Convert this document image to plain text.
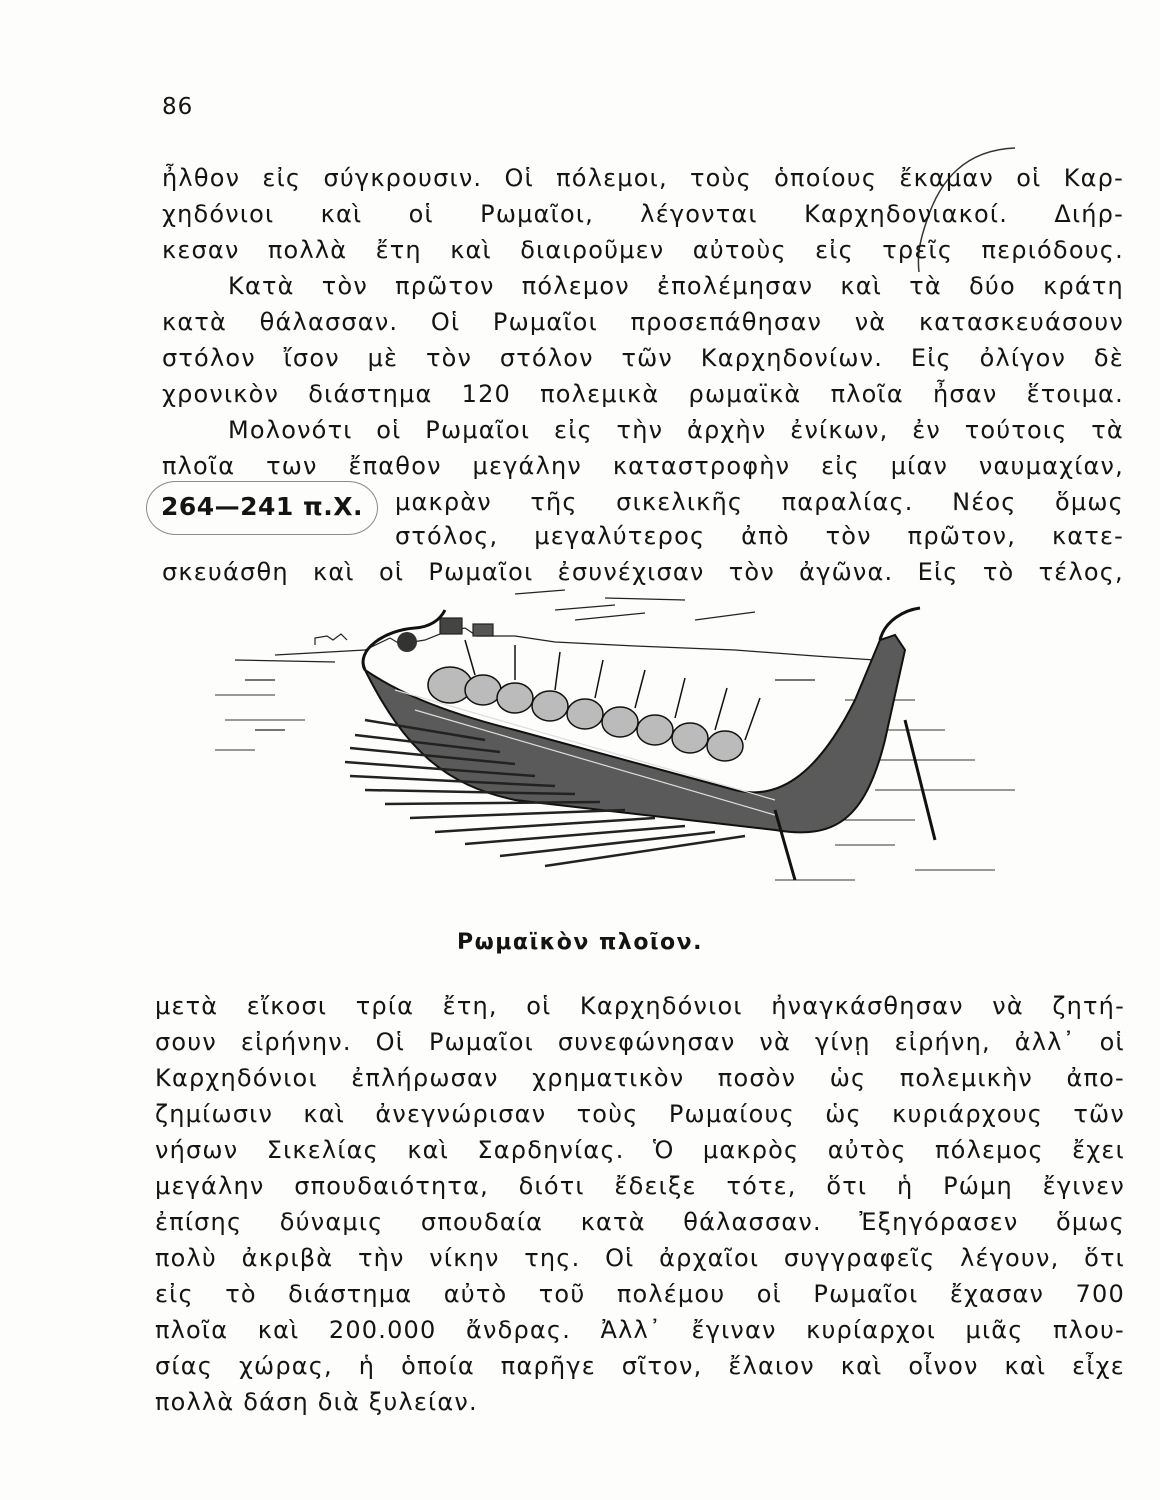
86
ἦλθον εἰς σύγκρουσιν. Οἱ πόλεμοι, τοὺς ὁποίους ἔκαμαν οἱ Καρ-
χηδόνιοι καὶ οἱ Ρωμαῖοι, λέγονται Καρχηδονιακοί. Διήρ-
κεσαν πολλὰ ἔτη καὶ διαιροῦμεν αὐτοὺς εἰς τρεῖς περιόδους.
Κατὰ τὸν πρῶτον πόλεμον ἐπολέμησαν καὶ τὰ δύο κράτη
κατὰ θάλασσαν. Οἱ Ρωμαῖοι προσεπάθησαν νὰ κατασκευάσουν
στόλον ἴσον μὲ τὸν στόλον τῶν Καρχηδονίων. Εἰς ὀλίγον δὲ
χρονικὸν διάστημα 120 πολεμικὰ ρωμαϊκὰ πλοῖα ἦσαν ἕτοιμα.
Μολονότι οἱ Ρωμαῖοι εἰς τὴν ἀρχὴν ἐνίκων, ἐν τούτοις τὰ
πλοῖα των ἔπαθον μεγάλην καταστροφὴν εἰς μίαν ναυμαχίαν,
μακρὰν τῆς σικελικῆς παραλίας. Νέος ὅμως
στόλος, μεγαλύτερος ἀπὸ τὸν πρῶτον, κατε-
σκευάσθη καὶ οἱ Ρωμαῖοι ἐσυνέχισαν τὸν ἀγῶνα. Εἰς τὸ τέλος,
264—241 π.Χ.
Ρωμαϊκὸν πλοῖον.
μετὰ εἴκοσι τρία ἔτη, οἱ Καρχηδόνιοι ἠναγκάσθησαν νὰ ζητή-
σουν εἰρήνην. Οἱ Ρωμαῖοι συνεφώνησαν νὰ γίνῃ εἰρήνη, ἀλλ᾿ οἱ
Καρχηδόνιοι ἐπλήρωσαν χρηματικὸν ποσὸν ὡς πολεμικὴν ἀπο-
ζημίωσιν καὶ ἀνεγνώρισαν τοὺς Ρωμαίους ὡς κυριάρχους τῶν
νήσων Σικελίας καὶ Σαρδηνίας. Ὁ μακρὸς αὐτὸς πόλεμος ἔχει
μεγάλην σπουδαιότητα, διότι ἔδειξε τότε, ὅτι ἡ Ρώμη ἔγινεν
ἐπίσης δύναμις σπουδαία κατὰ θάλασσαν. Ἐξηγόρασεν ὅμως
πολὺ ἀκριβὰ τὴν νίκην της. Οἱ ἀρχαῖοι συγγραφεῖς λέγουν, ὅτι
εἰς τὸ διάστημα αὐτὸ τοῦ πολέμου οἱ Ρωμαῖοι ἔχασαν 700
πλοῖα καὶ 200.000 ἄνδρας. Ἀλλ᾿ ἔγιναν κυρίαρχοι μιᾶς πλου-
σίας χώρας, ἡ ὁποία παρῆγε σῖτον, ἔλαιον καὶ οἶνον καὶ εἶχε
πολλὰ δάση διὰ ξυλείαν.
